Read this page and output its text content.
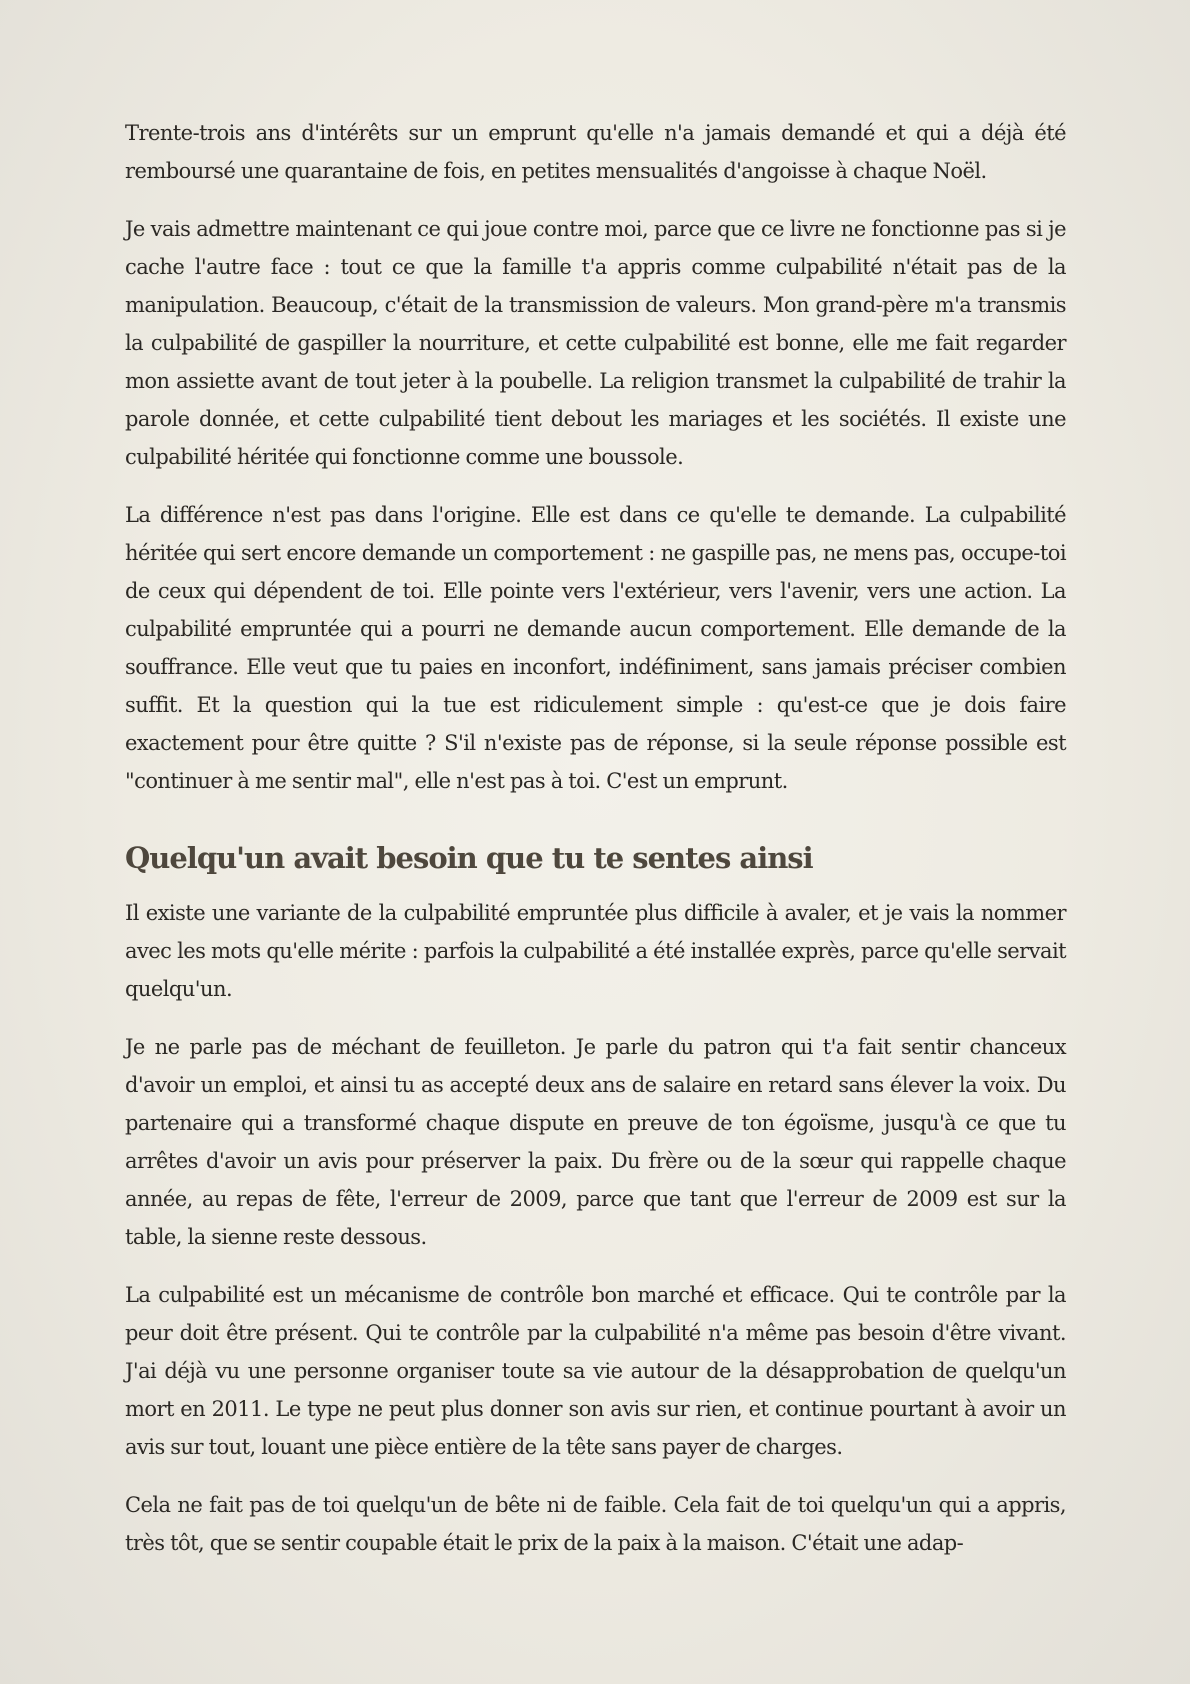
Trente-trois ans d'intérêts sur un emprunt qu'elle n'a jamais demandé et qui a déjà été remboursé une quarantaine de fois, en petites mensualités d'angoisse à chaque Noël.

Je vais admettre maintenant ce qui joue contre moi, parce que ce livre ne fonctionne pas si je cache l'autre face : tout ce que la famille t'a appris comme culpabilité n'était pas de la manipulation. Beaucoup, c'était de la transmission de valeurs. Mon grand-père m'a transmis la culpabilité de gaspiller la nourriture, et cette culpabilité est bonne, elle me fait regarder mon assiette avant de tout jeter à la poubelle. La religion transmet la culpabilité de trahir la parole donnée, et cette culpabilité tient debout les mariages et les sociétés. Il existe une culpabilité héritée qui fonctionne comme une boussole.

La différence n'est pas dans l'origine. Elle est dans ce qu'elle te demande. La culpabilité héritée qui sert encore demande un comportement : ne gaspille pas, ne mens pas, occupe-toi de ceux qui dépendent de toi. Elle pointe vers l'extérieur, vers l'avenir, vers une action. La culpabilité empruntée qui a pourri ne demande aucun comportement. Elle demande de la souffrance. Elle veut que tu paies en inconfort, indéfiniment, sans jamais préciser combien suffit. Et la question qui la tue est ridiculement simple : qu'est-ce que je dois faire exactement pour être quitte ? S'il n'existe pas de réponse, si la seule réponse possible est "continuer à me sentir mal", elle n'est pas à toi. C'est un emprunt.

Quelqu'un avait besoin que tu te sentes ainsi

Il existe une variante de la culpabilité empruntée plus difficile à avaler, et je vais la nommer avec les mots qu'elle mérite : parfois la culpabilité a été installée exprès, parce qu'elle servait quelqu'un.

Je ne parle pas de méchant de feuilleton. Je parle du patron qui t'a fait sentir chanceux d'avoir un emploi, et ainsi tu as accepté deux ans de salaire en retard sans élever la voix. Du partenaire qui a transformé chaque dispute en preuve de ton égoïsme, jusqu'à ce que tu arrêtes d'avoir un avis pour préserver la paix. Du frère ou de la sœur qui rappelle chaque année, au repas de fête, l'erreur de 2009, parce que tant que l'erreur de 2009 est sur la table, la sienne reste dessous.

La culpabilité est un mécanisme de contrôle bon marché et efficace. Qui te contrôle par la peur doit être présent. Qui te contrôle par la culpabilité n'a même pas besoin d'être vivant. J'ai déjà vu une personne organiser toute sa vie autour de la désapprobation de quelqu'un mort en 2011. Le type ne peut plus donner son avis sur rien, et continue pourtant à avoir un avis sur tout, louant une pièce entière de la tête sans payer de charges.

Cela ne fait pas de toi quelqu'un de bête ni de faible. Cela fait de toi quelqu'un qui a appris, très tôt, que se sentir coupable était le prix de la paix à la maison. C'était une adap-
